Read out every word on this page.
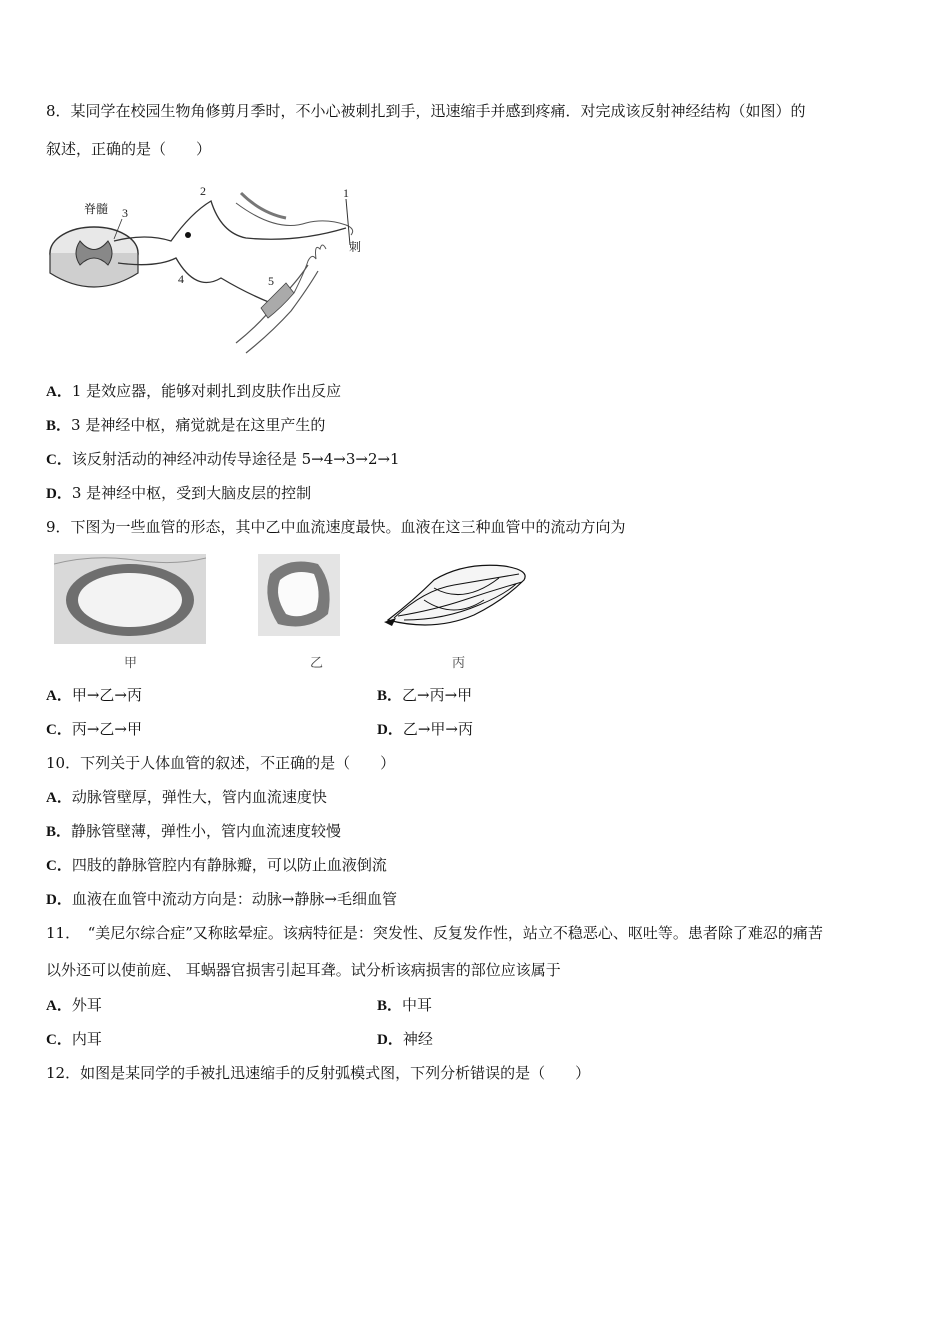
8．某同学在校园生物角修剪月季时，不小心被刺扎到手，迅速缩手并感到疼痛．对完成该反射神经结构（如图）的
叙述，正确的是（　　）
脊髓 3
2
4	5
1
刺
A．1 是效应器，能够对刺扎到皮肤作出反应
B．3 是神经中枢，痛觉就是在这里产生的
C．该反射活动的神经冲动传导途径是 5→4→3→2→1
D．3 是神经中枢，受到大脑皮层的控制
9．下图为一些血管的形态，其中乙中血流速度最快。血液在这三种血管中的流动方向为
甲	乙	丙
A．甲→乙→丙	B．乙→丙→甲
C．丙→乙→甲	D．乙→甲→丙
10．下列关于人体血管的叙述，不正确的是（　　）
A．动脉管壁厚，弹性大，管内血流速度快
B．静脉管壁薄，弹性小，管内血流速度较慢
C．四肢的静脉管腔内有静脉瓣，可以防止血液倒流
D．血液在血管中流动方向是：动脉→静脉→毛细血管
11．　“美尼尔综合症”又称眩晕症。该病特征是：突发性、反复发作性，站立不稳恶心、呕吐等。患者除了难忍的痛苦
以外还可以使前庭、 耳蜗器官损害引起耳聋。试分析该病损害的部位应该属于
A．外耳	B．中耳
C．内耳	D．神经
12．如图是某同学的手被扎迅速缩手的反射弧模式图，下列分析错误的是（　　）
